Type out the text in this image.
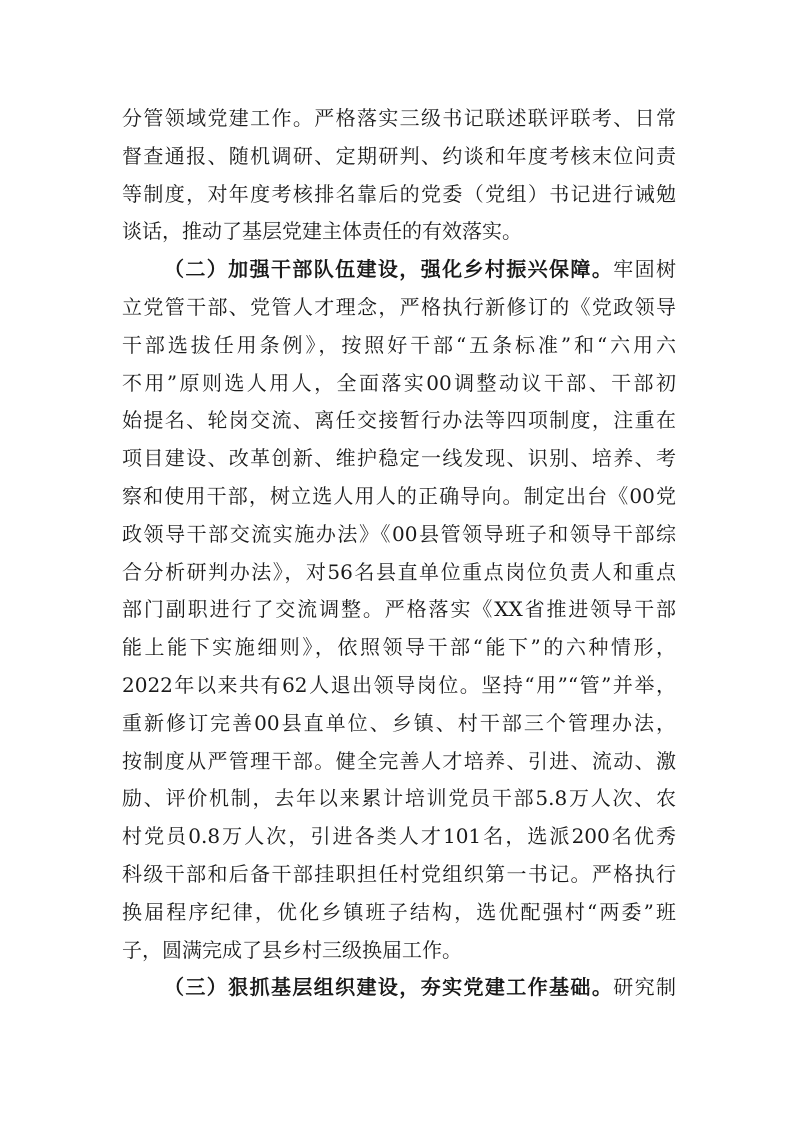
分管领域党建工作。严格落实三级书记联述联评联考、日常
督查通报、随机调研、定期研判、约谈和年度考核末位问责
等制度，对年度考核排名靠后的党委（党组）书记进行诫勉
谈话，推动了基层党建主体责任的有效落实。
（二）加强干部队伍建设，强化乡村振兴保障。牢固树
立党管干部、党管人才理念，严格执行新修订的《党政领导
干部选拔任用条例》，按照好干部“五条标准”和“六用六
不用”原则选人用人，全面落实00调整动议干部、干部初
始提名、轮岗交流、离任交接暂行办法等四项制度，注重在
项目建设、改革创新、维护稳定一线发现、识别、培养、考
察和使用干部，树立选人用人的正确导向。制定出台《00党
政领导干部交流实施办法》《00县管领导班子和领导干部综
合分析研判办法》，对56名县直单位重点岗位负责人和重点
部门副职进行了交流调整。严格落实《XX省推进领导干部
能上能下实施细则》，依照领导干部“能下”的六种情形，
2022年以来共有62人退出领导岗位。坚持“用”“管”并举，
重新修订完善00县直单位、乡镇、村干部三个管理办法，
按制度从严管理干部。健全完善人才培养、引进、流动、激
励、评价机制，去年以来累计培训党员干部5.8万人次、农
村党员0.8万人次，引进各类人才101名，选派200名优秀
科级干部和后备干部挂职担任村党组织第一书记。严格执行
换届程序纪律，优化乡镇班子结构，选优配强村“两委”班
子，圆满完成了县乡村三级换届工作。
（三）狠抓基层组织建设，夯实党建工作基础。研究制
